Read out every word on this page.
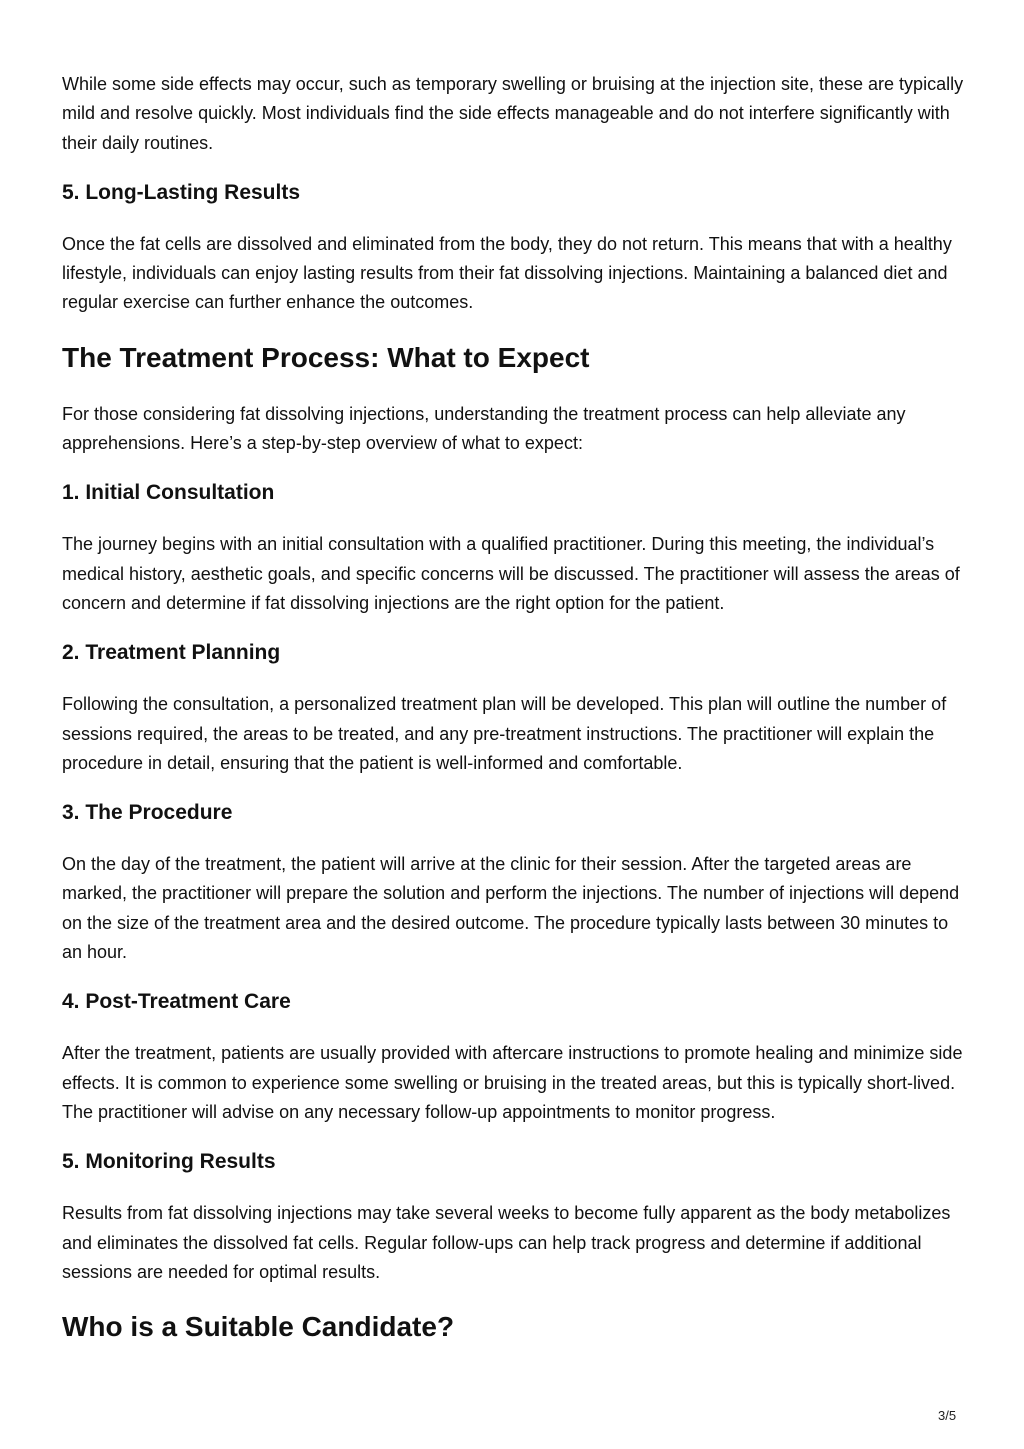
While some side effects may occur, such as temporary swelling or bruising at the injection site, these are typically mild and resolve quickly. Most individuals find the side effects manageable and do not interfere significantly with their daily routines.

5. Long-Lasting Results

Once the fat cells are dissolved and eliminated from the body, they do not return. This means that with a healthy lifestyle, individuals can enjoy lasting results from their fat dissolving injections. Maintaining a balanced diet and regular exercise can further enhance the outcomes.

The Treatment Process: What to Expect

For those considering fat dissolving injections, understanding the treatment process can help alleviate any apprehensions. Here’s a step-by-step overview of what to expect:

1. Initial Consultation

The journey begins with an initial consultation with a qualified practitioner. During this meeting, the individual’s medical history, aesthetic goals, and specific concerns will be discussed. The practitioner will assess the areas of concern and determine if fat dissolving injections are the right option for the patient.

2. Treatment Planning

Following the consultation, a personalized treatment plan will be developed. This plan will outline the number of sessions required, the areas to be treated, and any pre-treatment instructions. The practitioner will explain the procedure in detail, ensuring that the patient is well-informed and comfortable.

3. The Procedure

On the day of the treatment, the patient will arrive at the clinic for their session. After the targeted areas are marked, the practitioner will prepare the solution and perform the injections. The number of injections will depend on the size of the treatment area and the desired outcome. The procedure typically lasts between 30 minutes to an hour.

4. Post-Treatment Care

After the treatment, patients are usually provided with aftercare instructions to promote healing and minimize side effects. It is common to experience some swelling or bruising in the treated areas, but this is typically short-lived. The practitioner will advise on any necessary follow-up appointments to monitor progress.

5. Monitoring Results

Results from fat dissolving injections may take several weeks to become fully apparent as the body metabolizes and eliminates the dissolved fat cells. Regular follow-ups can help track progress and determine if additional sessions are needed for optimal results.

Who is a Suitable Candidate?
3/5
